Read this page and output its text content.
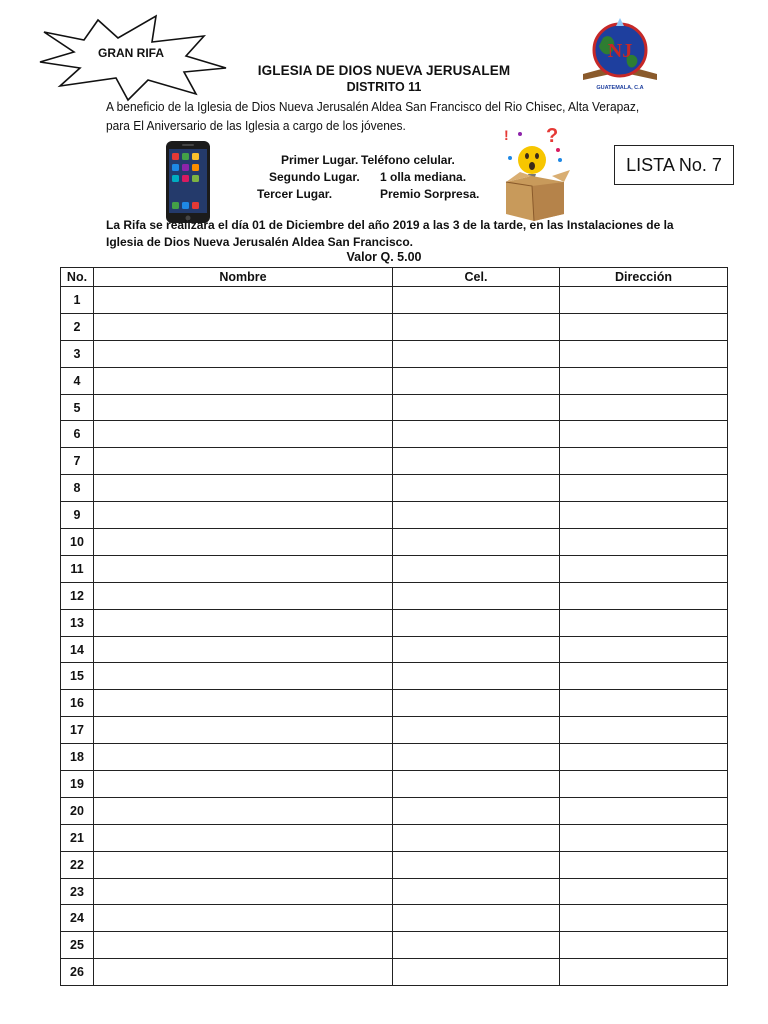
GRAN RIFA
IGLESIA DE DIOS NUEVA JERUSALEM
DISTRITO 11
A beneficio de la Iglesia de Dios Nueva Jerusalén Aldea San Francisco del Rio Chisec, Alta Verapaz,
para El Aniversario de las Iglesia a cargo de los jóvenes.
NJ
GUATEMALA, C.A
Primer Lugar. Teléfono celular.
Segundo Lugar. 1 olla mediana.
Tercer Lugar.	Premio Sorpresa.
! ?
LISTA No. 7
La Rifa se realizara el día 01 de Diciembre del año 2019 a las 3 de la tarde, en las Instalaciones de la
Iglesia de Dios Nueva Jerusalén Aldea San Francisco.
Valor Q. 5.00
No.	Nombre	Cel.	Dirección
1			
2			
3			
4			
5			
6			
7			
8			
9			
10			
11			
12			
13			
14			
15			
16			
17			
18			
19			
20			
21			
22			
23			
24			
25			
26			
